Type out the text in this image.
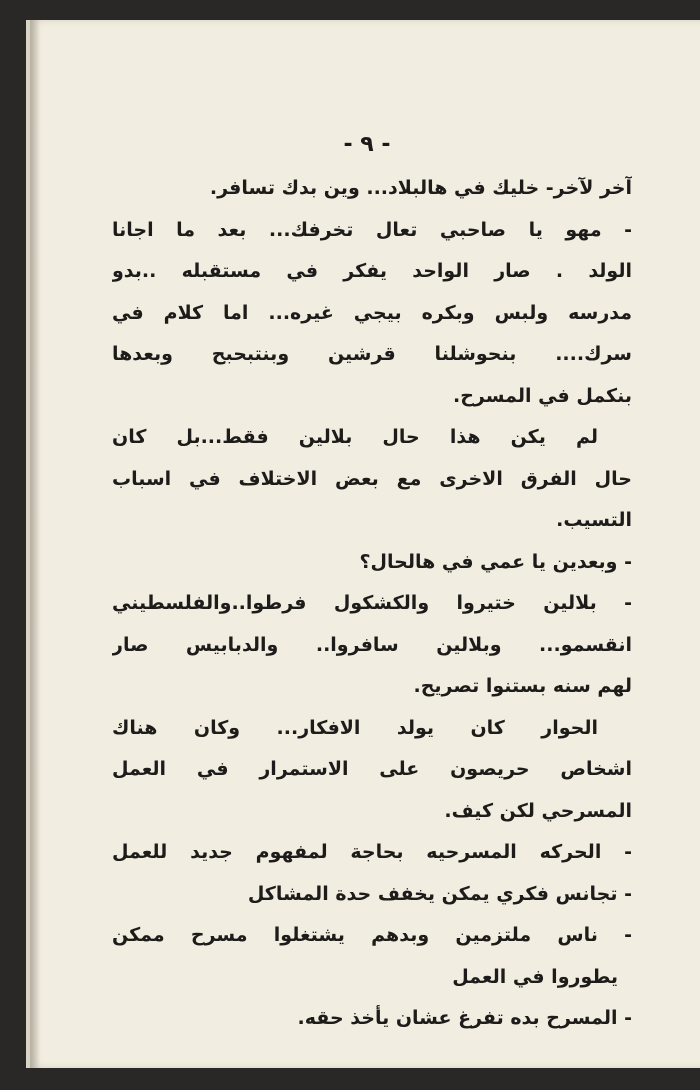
- ٩ -
آخر لآخر- خليك في هالبلاد... وين بدك تسافر.
- مهو يا صاحبي تعال تخرفك... بعد ما اجانا
الولد . صار الواحد يفكر في مستقبله ..بدو
مدرسه ولبس وبكره بيجي غيره... اما كلام في
سرك.... بنحوشلنا قرشين وبنتبحبح وبعدها
بنكمل في المسرح.
لم يكن هذا حال بلالين فقط...بل كان
حال الفرق الاخرى مع بعض الاختلاف في اسباب
التسيب.
- وبعدين يا عمي في هالحال؟
- بلالين ختيروا والكشكول فرطوا..والفلسطيني
انقسمو... وبلالين سافروا.. والدبابيس صار
لهم سنه بستنوا تصريح.
الحوار كان يولد الافكار... وكان هناك
اشخاص حريصون على الاستمرار في العمل
المسرحي لكن كيف.
- الحركه المسرحيه بحاجة لمفهوم جديد للعمل
- تجانس فكري يمكن يخفف حدة المشاكل
- ناس ملتزمين وبدهم يشتغلوا مسرح ممكن
يطوروا في العمل
- المسرح بده تفرغ عشان يأخذ حقه.
